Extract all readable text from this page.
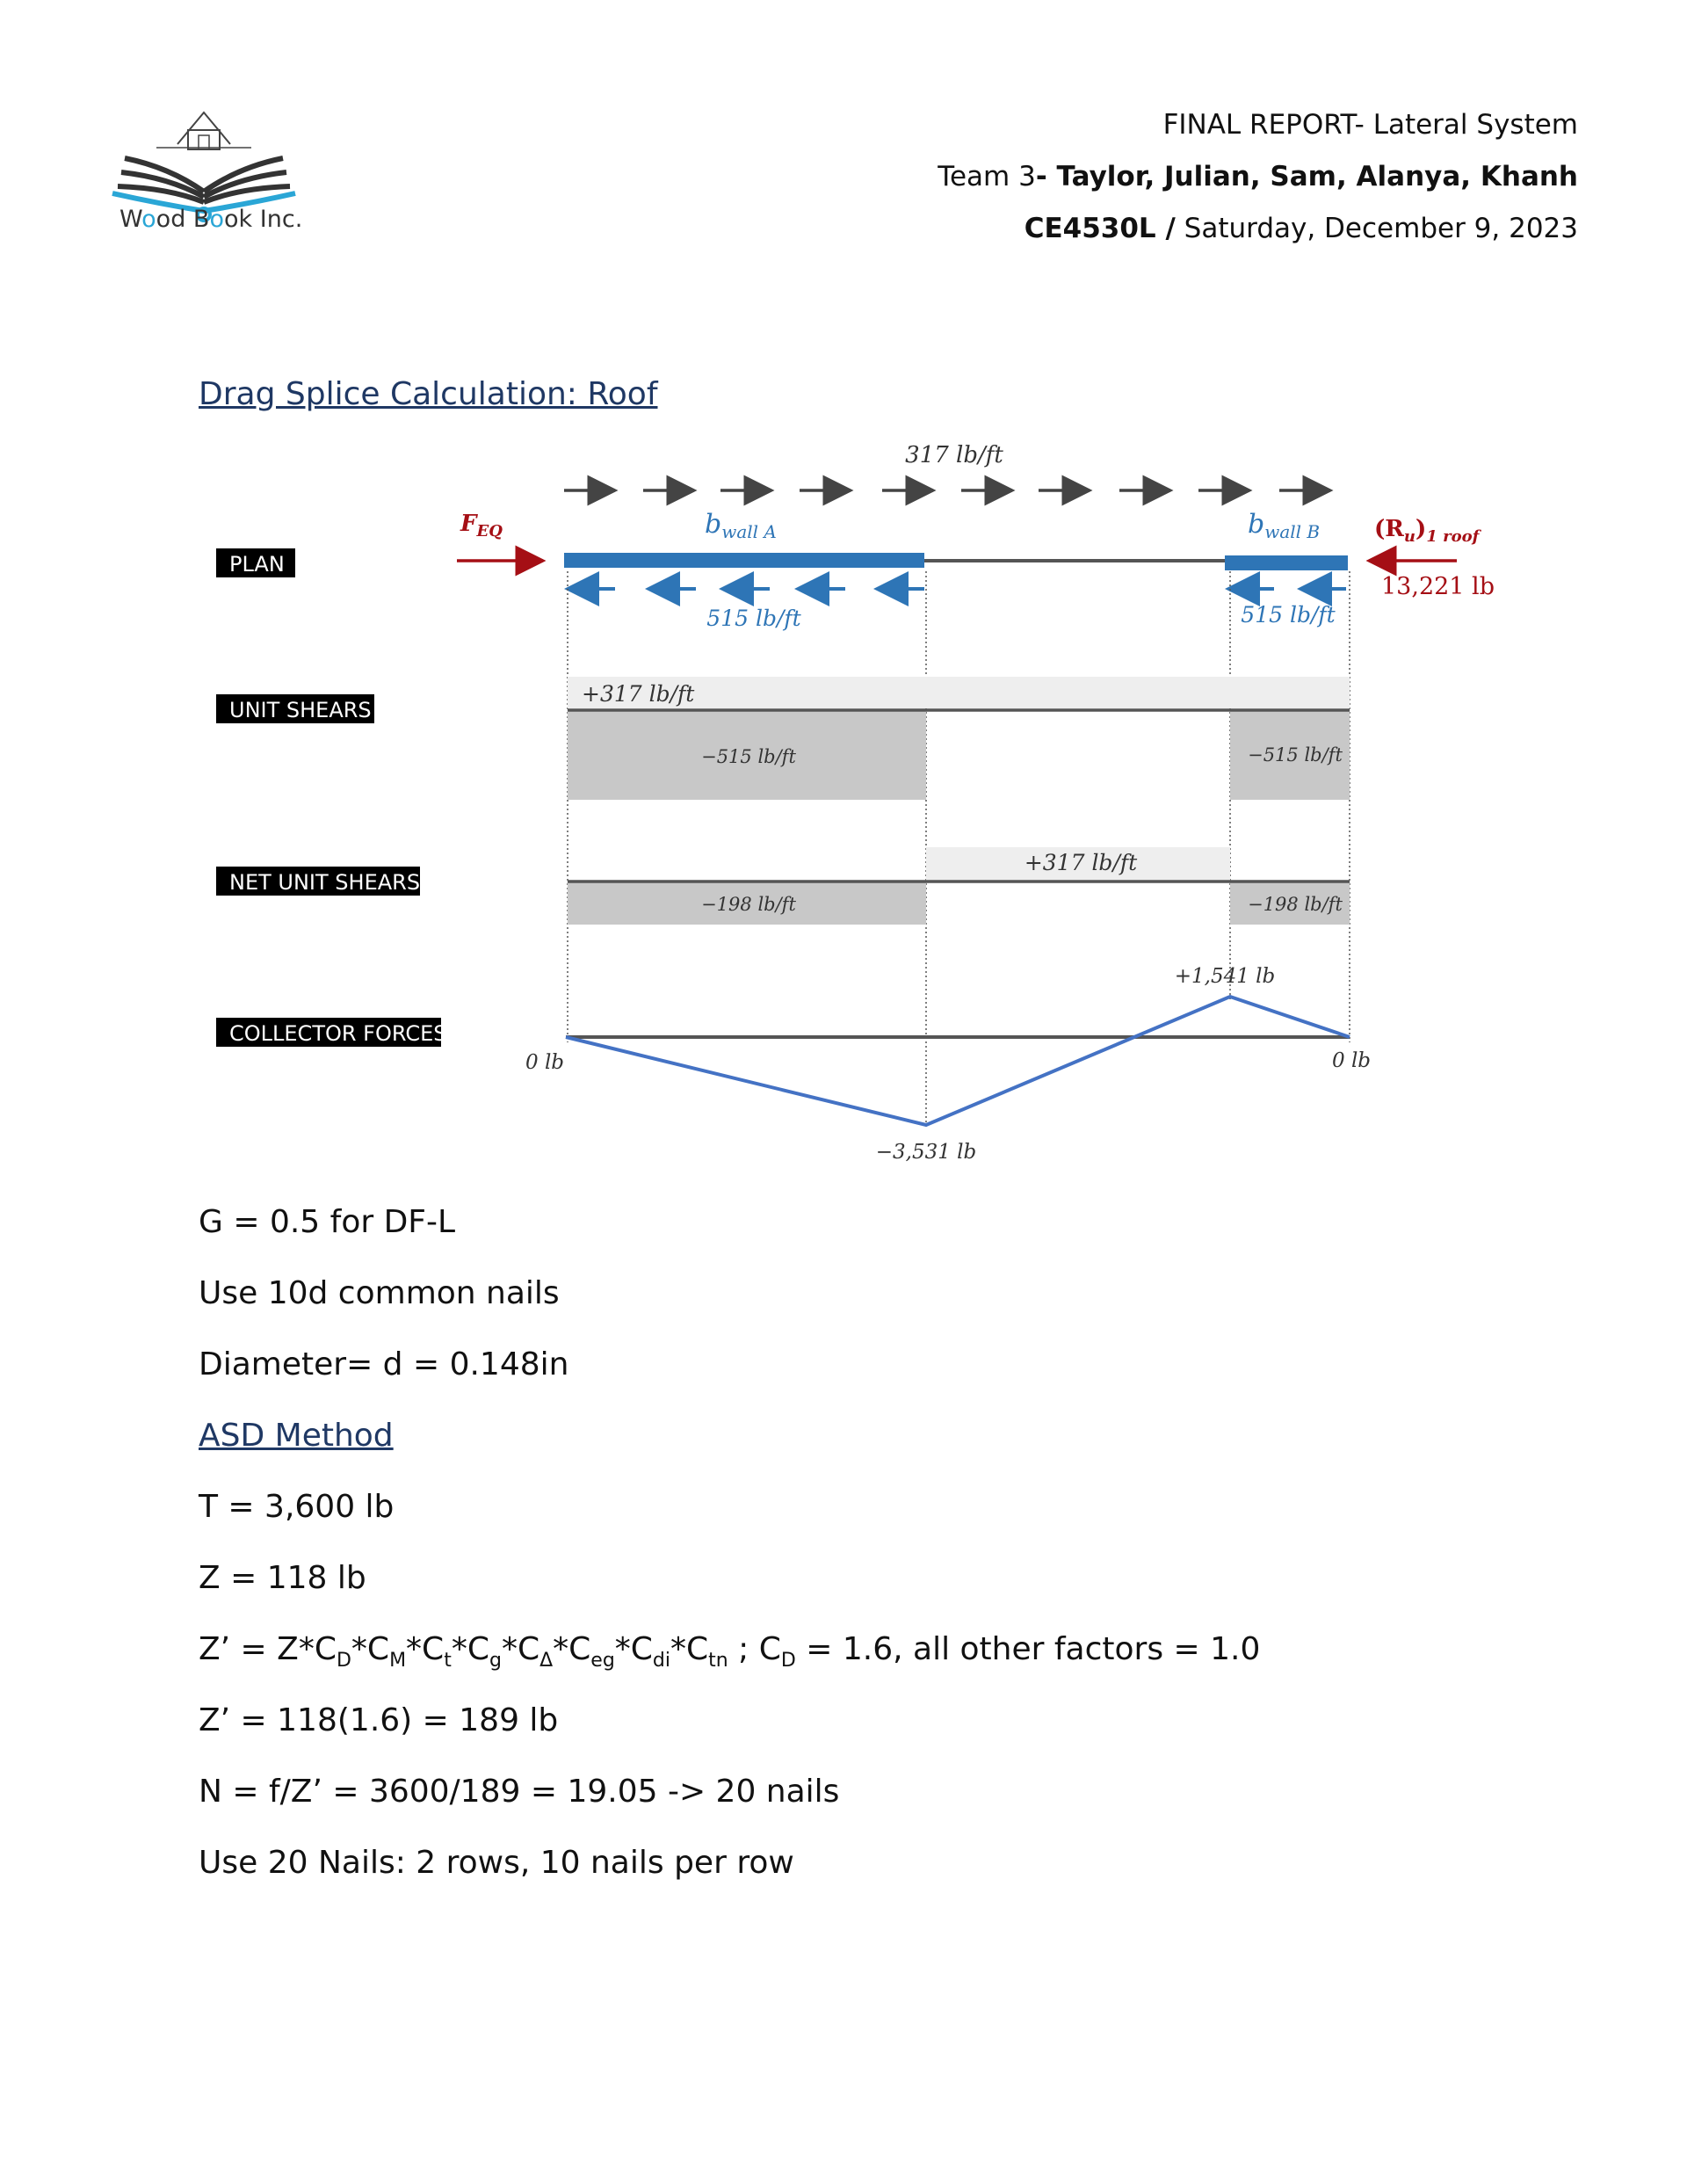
Wood Book Inc.
FINAL REPORT- Lateral System
Team 3- Taylor, Julian, Sam, Alanya, Khanh
CE4530L / Saturday, December 9, 2023
Drag Splice Calculation: Roof
317 lb/ft
$F_{EQ}$	$b_{wall A}$	$b_{wall B}$ $(R_u)_{1 roof}$
13,221 lb
PLAN
515 lb/ft	515 lb/ft
UNIT SHEARS
+317 lb/ft
−515 lb/ft	−515 lb/ft
NET UNIT SHEARS
+317 lb/ft
−198 lb/ft	−198 lb/ft
COLLECTOR FORCES
0 lb
−3,531 lb
+1,541 lb
0 lb
G = 0.5 for DF-L
Use 10d common nails
Diameter= d = 0.148in
ASD Method
T = 3,600 lb
Z = 118 lb
Z’ = $Z*C_D*C_M*C_t*C_g*C_\Delta*C_{eg}*C_{di}*C_{tn}$ ; $C_D = 1.6$, all other factors = 1.0
Z’ = 118(1.6) = 189 lb
N = f/Z’ = 3600/189 = 19.05 -> 20 nails
Use 20 Nails: 2 rows, 10 nails per row
